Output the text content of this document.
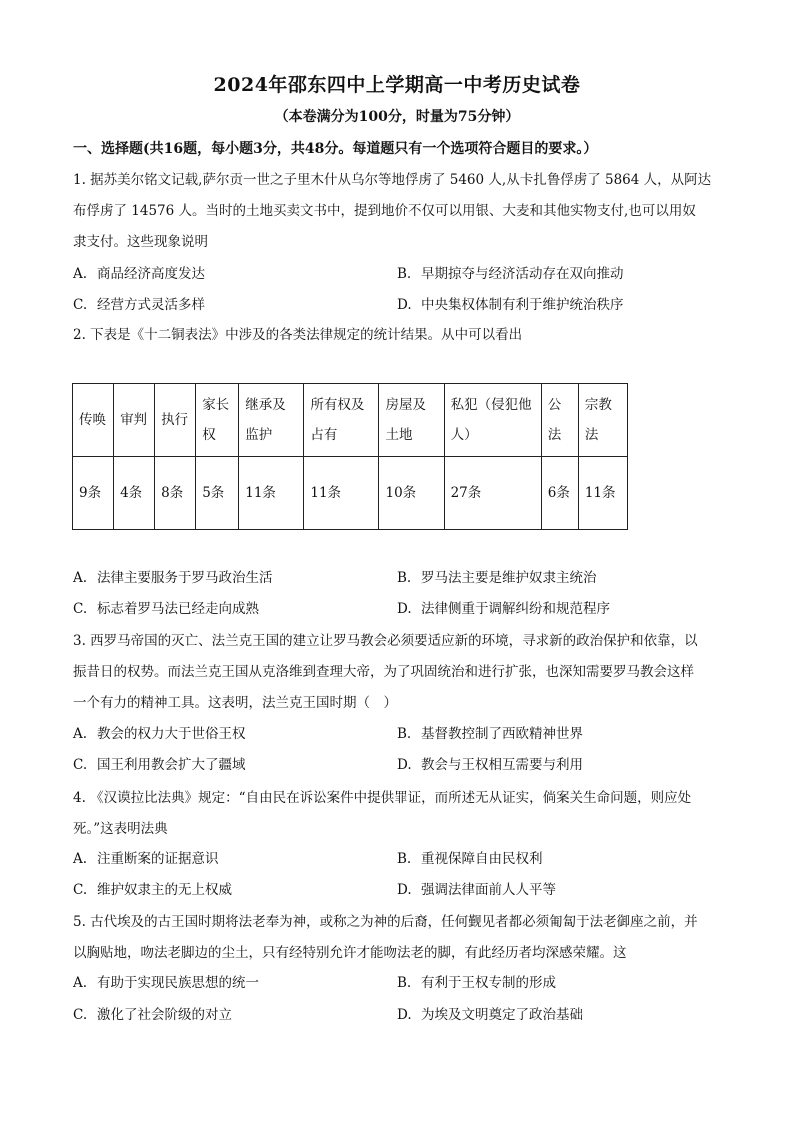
2024年邵东四中上学期高一中考历史试卷
（本卷满分为100分，时量为75分钟）
一、选择题(共16题，每小题3分，共48分。每道题只有一个选项符合题目的要求。）
1. 据苏美尔铭文记载,萨尔贡一世之子里木什从乌尔等地俘虏了 5460 人,从卡扎鲁俘虏了 5864 人，从阿达
布俘虏了 14576 人。当时的土地买卖文书中，提到地价不仅可以用银、大麦和其他实物支付,也可以用奴
隶支付。这些现象说明
A. 商品经济高度发达	B. 早期掠夺与经济活动存在双向推动
C. 经营方式灵活多样	D. 中央集权体制有利于维护统治秩序
2. 下表是《十二铜表法》中涉及的各类法律规定的统计结果。从中可以看出
传唤	审判	执行	家长权	继承及监护	所有权及占有	房屋及土地	私犯（侵犯他人）	公法	宗教法
9条	4条	8条	5条	11条	11条	10条	27条	6条	11条
A. 法律主要服务于罗马政治生活	B. 罗马法主要是维护奴隶主统治
C. 标志着罗马法已经走向成熟	D. 法律侧重于调解纠纷和规范程序
3. 西罗马帝国的灭亡、法兰克王国的建立让罗马教会必须要适应新的环境，寻求新的政治保护和依靠，以
振昔日的权势。而法兰克王国从克洛维到查理大帝，为了巩固统治和进行扩张，也深知需要罗马教会这样
一个有力的精神工具。这表明，法兰克王国时期（　）
A. 教会的权力大于世俗王权	B. 基督教控制了西欧精神世界
C. 国王利用教会扩大了疆域	D. 教会与王权相互需要与利用
4. 《汉谟拉比法典》规定：“自由民在诉讼案件中提供罪证，而所述无从证实，倘案关生命问题，则应处
死。”这表明法典
A. 注重断案的证据意识	B. 重视保障自由民权利
C. 维护奴隶主的无上权威	D. 强调法律面前人人平等
5. 古代埃及的古王国时期将法老奉为神，或称之为神的后裔，任何觐见者都必须匍匐于法老御座之前，并
以胸贴地，吻法老脚边的尘土，只有经特别允许才能吻法老的脚，有此经历者均深感荣耀。这
A. 有助于实现民族思想的统一	B. 有利于王权专制的形成
C. 激化了社会阶级的对立	D. 为埃及文明奠定了政治基础
